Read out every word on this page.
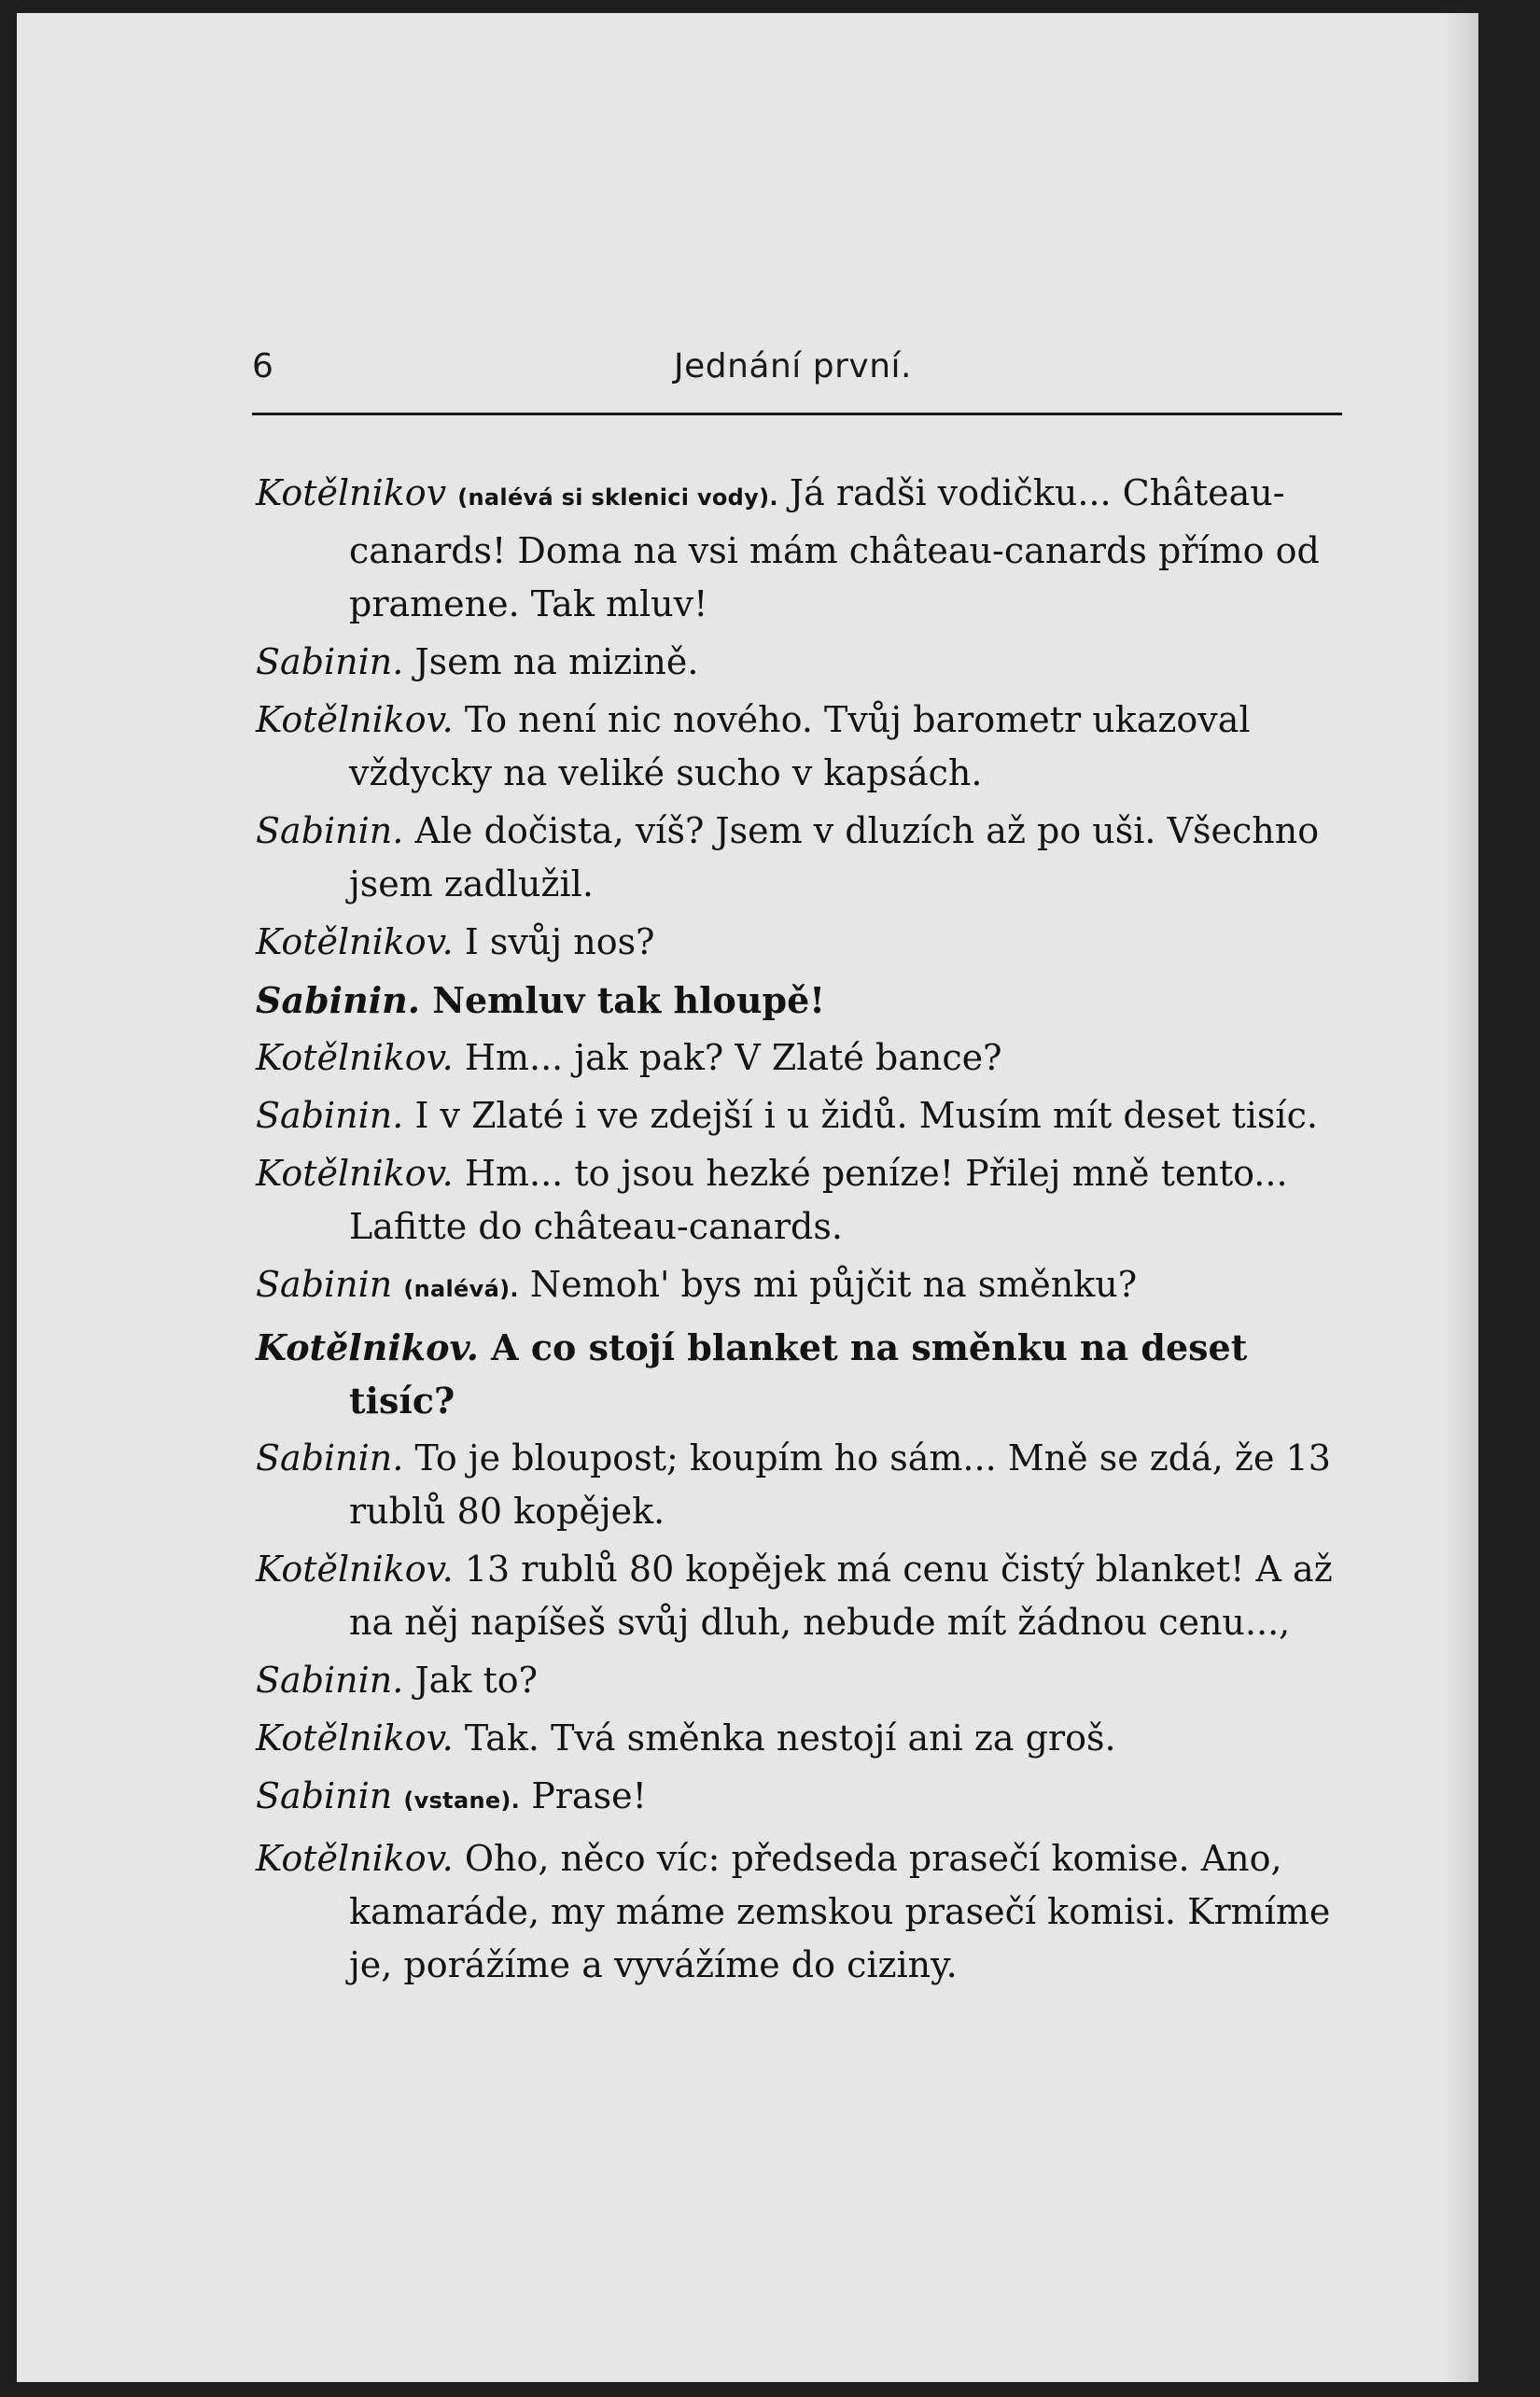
6	Jednání první.
Kotělnikov (nalévá si sklenici vody). Já radši vodičku... Château-canards! Doma na vsi mám château-canards přímo od pramene. Tak mluv!
Sabinin. Jsem na mizině.
Kotělnikov. To není nic nového. Tvůj barometr ukazoval vždycky na veliké sucho v kapsách.
Sabinin. Ale dočista, víš? Jsem v dluzích až po uši. Všechno jsem zadlužil.
Kotělnikov. I svůj nos?
Sabinin. Nemluv tak hloupě!
Kotělnikov. Hm... jak pak? V Zlaté bance?
Sabinin. I v Zlaté i ve zdejší i u židů. Musím mít deset tisíc.
Kotělnikov. Hm... to jsou hezké peníze! Přilej mně tento... Lafitte do château-canards.
Sabinin (nalévá). Nemoh' bys mi půjčit na směnku?
Kotělnikov. A co stojí blanket na směnku na deset tisíc?
Sabinin. To je bloupost; koupím ho sám... Mně se zdá, že 13 rublů 80 kopějek.
Kotělnikov. 13 rublů 80 kopějek má cenu čistý blanket! A až na něj napíšeš svůj dluh, nebude mít žádnou cenu...,
Sabinin. Jak to?
Kotělnikov. Tak. Tvá směnka nestojí ani za groš.
Sabinin (vstane). Prase!
Kotělnikov. Oho, něco víc: předseda prasečí komise. Ano, kamaráde, my máme zemskou prasečí komisi. Krmíme je, porážíme a vyvážíme do ciziny.
